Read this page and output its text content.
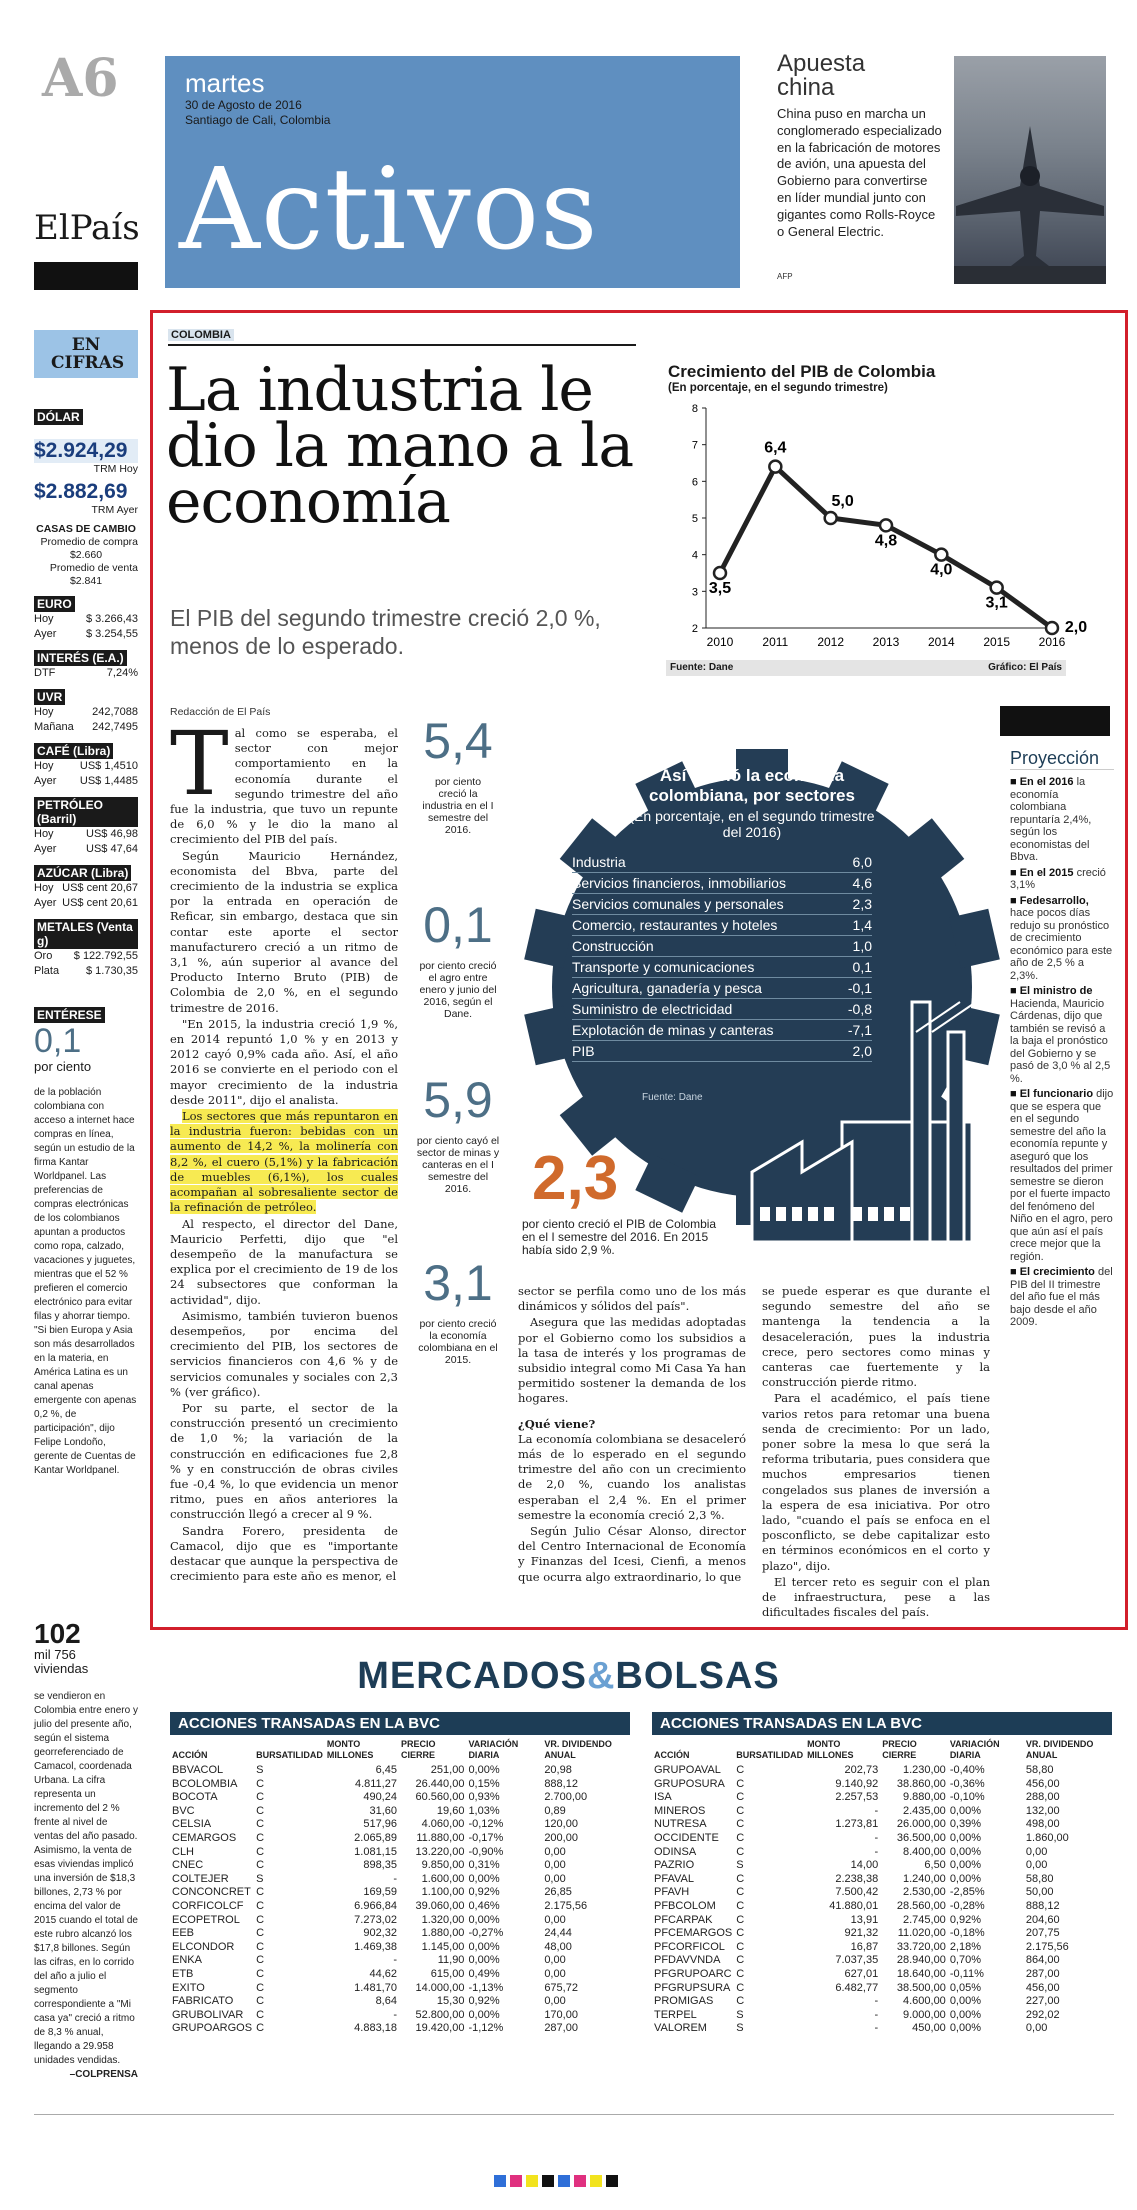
A6
ElPaís
martes
30 de Agosto de 2016
Santiago de Cali, Colombia
Activos
Apuesta china
China puso en marcha un conglomerado especializado en la fabricación de motores de avión, una apuesta del Gobierno para convertirse en líder mundial junto con gigantes como Rolls-Royce o General Electric.
AFP
EN CIFRAS
DÓLAR
$2.924,29
TRM Hoy
$2.882,69
TRM Ayer
CASAS DE CAMBIO
Promedio de compra
$2.660
Promedio de venta
$2.841
EURO
Hoy	$ 3.266,43
Ayer	$ 3.254,55
INTERÉS (E.A.)
DTF	7,24%
UVR
Hoy	242,7088
Mañana 242,7495
CAFÉ (Libra)
Hoy US$ 1,4510
Ayer US$ 1,4485
PETRÓLEO (Barril)
Hoy	US$ 46,98
Ayer	US$ 47,64
AZÚCAR (Libra)
Hoy US$ cent 20,67
Ayer US$ cent 20,61
METALES (Venta g)
Oro $ 122.792,55
Plata $ 1.730,35
ENTÉRESE
0,1
por ciento
de la población colombiana con acceso a internet hace compras en línea, según un estudio de la firma Kantar Worldpanel. Las preferencias de compras electrónicas de los colombianos apuntan a productos como ropa, calzado, vacaciones y juguetes, mientras que el 52 % prefieren el comercio electrónico para evitar filas y ahorrar tiempo. "Si bien Europa y Asia son más desarrollados en la materia, en América Latina es un canal apenas emergente con apenas 0,2 %, de participación", dijo Felipe Londoño, gerente de Cuentas de Kantar Worldpanel.
102
mil 756 viviendas
se vendieron en Colombia entre enero y julio del presente año, según el sistema georreferenciado de Camacol, coordenada Urbana. La cifra representa un incremento del 2 % frente al nivel de ventas del año pasado. Asimismo, la venta de esas viviendas implicó una inversión de $18,3 billones, 2,73 % por encima del valor de 2015 cuando el total de este rubro alcanzó los $17,8 billones. Según las cifras, en lo corrido del año a julio el segmento correspondiente a "Mi casa ya" creció a ritmo de 8,3 % anual, llegando a 29.958 unidades vendidas.
–COLPRENSA
COLOMBIA
La industria le dio la mano a la economía
El PIB del segundo trimestre creció 2,0 %, menos de lo esperado.
Crecimiento del PIB de Colombia
(En porcentaje, en el segundo trimestre)
2
3
4
5
6
7
8
2010 2011 2012 2013 2014 2015 2016
3,5
6,4
5,0
4,8
4,0
3,1
2,0
Fuente: Dane	Gráfico: El País
Redacción de El País

Tal como se esperaba, el sector con mejor comportamiento en la economía durante el segundo trimestre del año fue la industria, que tuvo un repunte de 6,0 % y le dio la mano al crecimiento del PIB del país.

Según Mauricio Hernández, economista del Bbva, parte del crecimiento de la industria se explica por la entrada en operación de Reficar, sin embargo, destaca que sin contar este aporte el sector manufacturero creció a un ritmo de 3,1 %, aún superior al avance del Producto Interno Bruto (PIB) de Colombia de 2,0 %, en el segundo trimestre de 2016.

"En 2015, la industria creció 1,9 %, en 2014 repuntó 1,0 % y en 2013 y 2012 cayó 0,9% cada año. Así, el año 2016 se convierte en el periodo con el mayor crecimiento de la industria desde 2011", dijo el analista.

Los sectores que más repuntaron en la industria fueron: bebidas con un aumento de 14,2 %, la molinería con 8,2 %, el cuero (5,1%) y la fabricación de muebles (6,1%), los cuales acompañan al sobresaliente sector de la refinación de petróleo.

Al respecto, el director del Dane, Mauricio Perfetti, dijo que "el desempeño de la manufactura se explica por el crecimiento de 19 de los 24 subsectores que conforman la actividad", dijo.

Asimismo, también tuvieron buenos desempeños, por encima del crecimiento del PIB, los sectores de servicios financieros con 4,6 % y de servicios comunales y sociales con 2,3 % (ver gráfico).

Por su parte, el sector de la construcción presentó un crecimiento de 1,0 %; la variación de la construcción en edificaciones fue 2,8 % y en construcción de obras civiles fue -0,4 %, lo que evidencia un menor ritmo, pues en años anteriores la construcción llegó a crecer al 9 %.

Sandra Forero, presidenta de Camacol, dijo que es "importante destacar que aunque la perspectiva de crecimiento para este año es menor, el

5,4
por ciento creció la industria en el I semestre del 2016.
0,1
por ciento creció el agro entre enero y junio del 2016, según el Dane.
5,9
por ciento cayó el sector de minas y canteras en el I semestre del 2016.
3,1
por ciento creció la economía colombiana en el 2015.
Así creció la economía colombiana, por sectores
(En porcentaje, en el segundo trimestre del 2016)
Industria	6,0
Servicios financieros, inmobiliarios	4,6
Servicios comunales y personales	2,3
Comercio, restaurantes y hoteles	1,4
Construcción	1,0
Transporte y comunicaciones	0,1
Agricultura, ganadería y pesca	-0,1
Suministro de electricidad	-0,8
Explotación de minas y canteras	-7,1
PIB	2,0
Fuente: Dane
2,3
por ciento creció el PIB de Colombia en el I semestre del 2016. En 2015 había sido 2,9 %.

sector se perfila como uno de los más dinámicos y sólidos del país".

Asegura que las medidas adoptadas por el Gobierno como los subsidios a la tasa de interés y los programas de subsidio integral como Mi Casa Ya han permitido sostener la demanda de los hogares.

¿Qué viene?

La economía colombiana se desaceleró más de lo esperado en el segundo trimestre del año con un crecimiento de 2,0 %, cuando los analistas esperaban el 2,4 %. En el primer semestre la economía creció 2,3 %.

Según Julio César Alonso, director del Centro Internacional de Economía y Finanzas del Icesi, Cienfi, a menos que ocurra algo extraordinario, lo que

se puede esperar es que durante el segundo semestre del año se mantenga la tendencia a la desaceleración, pues la industria crece, pero sectores como minas y canteras cae fuertemente y la construcción pierde ritmo.

Para el académico, el país tiene varios retos para retomar una buena senda de crecimiento: Por un lado, poner sobre la mesa lo que será la reforma tributaria, pues considera que muchos empresarios tienen congelados sus planes de inversión a la espera de esa iniciativa. Por otro lado, "cuando el país se enfoca en el posconflicto, se debe capitalizar esto en términos económicos en el corto y plazo", dijo.

El tercer reto es seguir con el plan de infraestructura, pese a las dificultades fiscales del país.

Proyección
■ En el 2016 la economía colombiana repuntaría 2,4%, según los economistas del Bbva.
■ En el 2015 creció 3,1%
■ Fedesarrollo, hace pocos días redujo su pronóstico de crecimiento económico para este año de 2,5 % a 2,3%.
■ El ministro de Hacienda, Mauricio Cárdenas, dijo que también se revisó a la baja el pronóstico del Gobierno y se pasó de 3,0 % al 2,5 %.
■ El funcionario dijo que se espera que en el segundo semestre del año la economía repunte y aseguró que los resultados del primer semestre se dieron por el fuerte impacto del fenómeno del Niño en el agro, pero que aún así el país crece mejor que la región.
■ El crecimiento del PIB del II trimestre del año fue el más bajo desde el año 2009.
MERCADOS&BOLSAS
ACCIONES TRANSADAS EN LA BVC
ACCIÓN	BURSATILIDAD	MONTO MILLONES	PRECIO CIERRE	VARIACIÓN DIARIA	VR. DIVIDENDO ANUAL
BBVACOL	S	6,45	251,00	0,00%	20,98
BCOLOMBIA	C	4.811,27	26.440,00	0,15%	888,12
BOCOTA	C	490,24	60.560,00	0,93%	2.700,00
BVC	C	31,60	19,60	1,03%	0,89
CELSIA	C	517,96	4.060,00	-0,12%	120,00
CEMARGOS	C	2.065,89	11.880,00	-0,17%	200,00
CLH	C	1.081,15	13.220,00	-0,90%	0,00
CNEC	C	898,35	9.850,00	0,31%	0,00
COLTEJER	S	-	1.600,00	0,00%	0,00
CONCONCRET	C	169,59	1.100,00	0,92%	26,85
CORFICOLCF	C	6.966,84	39.060,00	0,46%	2.175,56
ECOPETROL	C	7.273,02	1.320,00	0,00%	0,00
EEB	C	902,32	1.880,00	-0,27%	24,44
ELCONDOR	C	1.469,38	1.145,00	0,00%	48,00
ENKA	C	-	11,90	0,00%	0,00
ETB	C	44,62	615,00	0,49%	0,00
EXITO	C	1.481,70	14.000,00	-1,13%	675,72
FABRICATO	C	8,64	15,30	0,92%	0,00
GRUBOLIVAR	C	-	52.800,00	0,00%	170,00
GRUPOARGOS	C	4.883,18	19.420,00	-1,12%	287,00
ACCIONES TRANSADAS EN LA BVC
ACCIÓN	BURSATILIDAD	MONTO MILLONES	PRECIO CIERRE	VARIACIÓN DIARIA	VR. DIVIDENDO ANUAL
GRUPOAVAL	C	202,73	1.230,00	-0,40%	58,80
GRUPOSURA	C	9.140,92	38.860,00	-0,36%	456,00
ISA	C	2.257,53	9.880,00	-0,10%	288,00
MINEROS	C	-	2.435,00	0,00%	132,00
NUTRESA	C	1.273,81	26.000,00	0,39%	498,00
OCCIDENTE	C	-	36.500,00	0,00%	1.860,00
ODINSA	C	-	8.400,00	0,00%	0,00
PAZRIO	S	14,00	6,50	0,00%	0,00
PFAVAL	C	2.238,38	1.240,00	0,00%	58,80
PFAVH	C	7.500,42	2.530,00	-2,85%	50,00
PFBCOLOM	C	41.880,01	28.560,00	-0,28%	888,12
PFCARPAK	C	13,91	2.745,00	0,92%	204,60
PFCEMARGOS	C	921,32	11.020,00	-0,18%	207,75
PFCORFICOL	C	16,87	33.720,00	2,18%	2.175,56
PFDAVVNDA	C	7.037,35	28.940,00	0,70%	864,00
PFGRUPOARC	C	627,01	18.640,00	-0,11%	287,00
PFGRUPSURA	C	6.482,77	38.500,00	0,05%	456,00
PROMIGAS	C	-	4.600,00	0,00%	227,00
TERPEL	S	-	9.000,00	0,00%	292,02
VALOREM	S	-	450,00	0,00%	0,00
